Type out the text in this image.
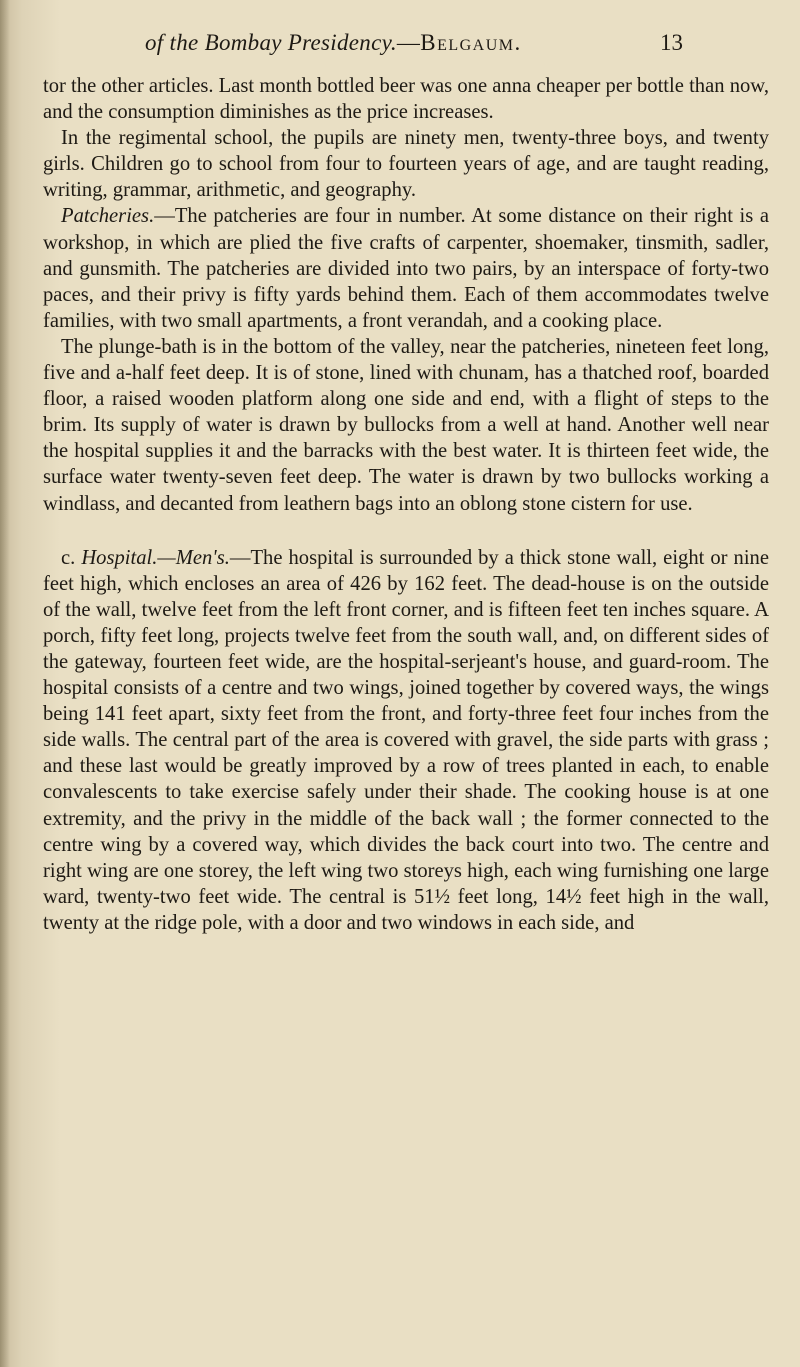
of the Bombay Presidency.—Belgaum.	13

tor the other articles. Last month bottled beer was one anna cheaper per bottle than now, and the consumption diminishes as the price increases.

In the regimental school, the pupils are ninety men, twenty-three boys, and twenty girls. Children go to school from four to fourteen years of age, and are taught reading, writing, grammar, arithmetic, and geography.

Patcheries.—The patcheries are four in number. At some distance on their right is a workshop, in which are plied the five crafts of carpenter, shoemaker, tinsmith, sadler, and gunsmith. The patcheries are divided into two pairs, by an interspace of forty-two paces, and their privy is fifty yards behind them. Each of them accommodates twelve families, with two small apartments, a front verandah, and a cooking place.

The plunge-bath is in the bottom of the valley, near the patcheries, nineteen feet long, five and a-half feet deep. It is of stone, lined with chunam, has a thatched roof, boarded floor, a raised wooden platform along one side and end, with a flight of steps to the brim. Its supply of water is drawn by bullocks from a well at hand. Another well near the hospital supplies it and the barracks with the best water. It is thirteen feet wide, the surface water twenty-seven feet deep. The water is drawn by two bullocks working a windlass, and decanted from leathern bags into an oblong stone cistern for use.

c. Hospital.—Men's.—The hospital is surrounded by a thick stone wall, eight or nine feet high, which encloses an area of 426 by 162 feet. The dead-house is on the outside of the wall, twelve feet from the left front corner, and is fifteen feet ten inches square. A porch, fifty feet long, projects twelve feet from the south wall, and, on different sides of the gateway, fourteen feet wide, are the hospital-serjeant's house, and guard-room. The hospital consists of a centre and two wings, joined together by covered ways, the wings being 141 feet apart, sixty feet from the front, and forty-three feet four inches from the side walls. The central part of the area is covered with gravel, the side parts with grass ; and these last would be greatly improved by a row of trees planted in each, to enable convalescents to take exercise safely under their shade. The cooking house is at one extremity, and the privy in the middle of the back wall ; the former connected to the centre wing by a covered way, which divides the back court into two. The centre and right wing are one storey, the left wing two storeys high, each wing furnishing one large ward, twenty-two feet wide. The central is 51½ feet long, 14½ feet high in the wall, twenty at the ridge pole, with a door and two windows in each side, and
